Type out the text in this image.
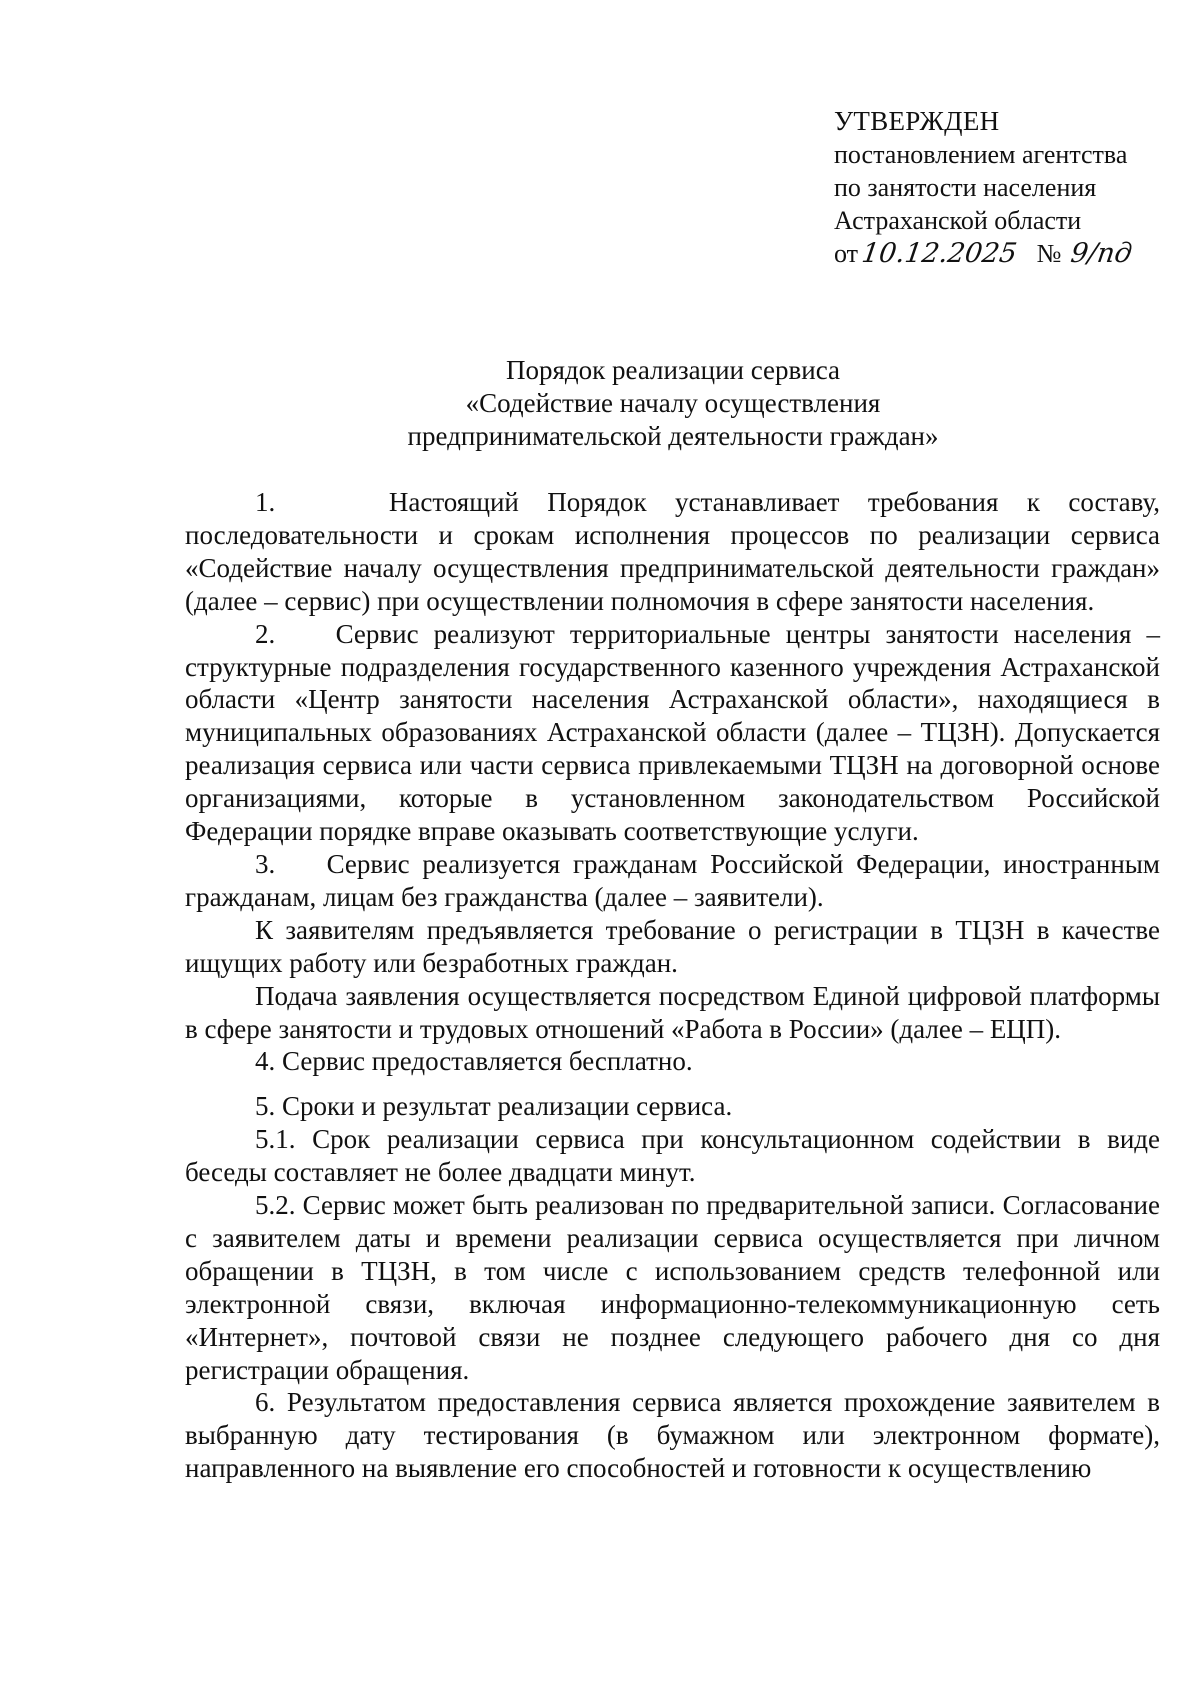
УТВЕРЖДЕН
постановлением агентства
по занятости населения
Астраханской области
от10.12.2025 № 9/пд
Порядок реализации сервиса
«Содействие началу осуществления
предпринимательской деятельности граждан»

1.    Настоящий Порядок устанавливает требования к составу, последовательности и срокам исполнения процессов по реализации сервиса «Содействие началу осуществления предпринимательской деятельности граждан» (далее – сервис) при осуществлении полномочия в сфере занятости населения.

2.    Сервис реализуют территориальные центры занятости населения – структурные подразделения государственного казенного учреждения Астраханской области «Центр занятости населения Астраханской области», находящиеся в муниципальных образованиях Астраханской области (далее – ТЦЗН). Допускается реализация сервиса или части сервиса привлекаемыми ТЦЗН на договорной основе организациями, которые в установленном законодательством Российской Федерации порядке вправе оказывать соответствующие услуги.

3.    Сервис реализуется гражданам Российской Федерации, иностранным гражданам, лицам без гражданства (далее – заявители).

К заявителям предъявляется требование о регистрации в ТЦЗН в качестве ищущих работу или безработных граждан.

Подача заявления осуществляется посредством Единой цифровой платформы в сфере занятости и трудовых отношений «Работа в России» (далее – ЕЦП).

4. Сервис предоставляется бесплатно.

5. Сроки и результат реализации сервиса.

5.1. Срок реализации сервиса при консультационном содействии в виде беседы составляет не более двадцати минут.

5.2. Сервис может быть реализован по предварительной записи. Согласование с заявителем даты и времени реализации сервиса осуществляется при личном обращении в ТЦЗН, в том числе с использованием средств телефонной или электронной связи, включая информационно-телекоммуникационную сеть «Интернет», почтовой связи не позднее следующего рабочего дня со дня регистрации обращения.

6. Результатом предоставления сервиса является прохождение заявителем в выбранную дату тестирования (в бумажном или электронном формате), направленного на выявление его способностей и готовности к осуществлению
